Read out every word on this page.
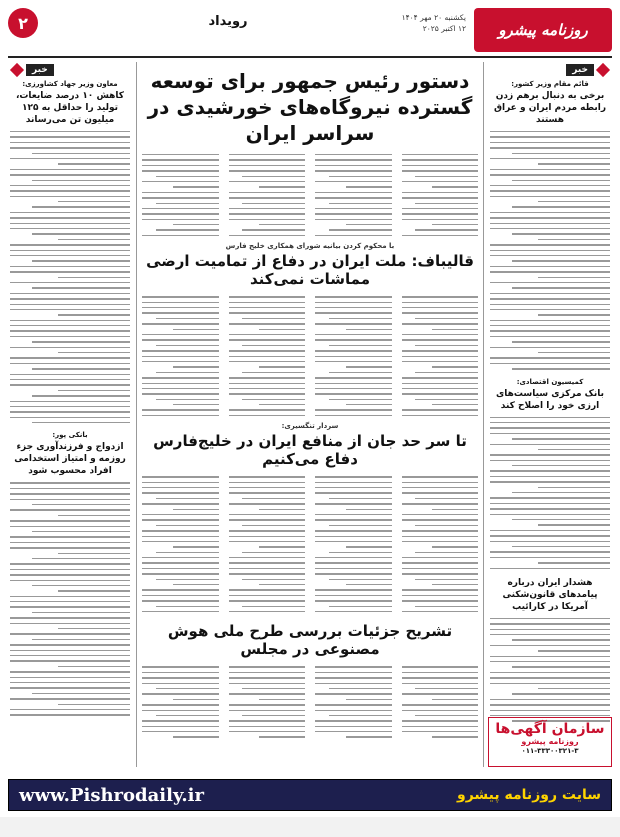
۲	رویداد	یکشنبه ۲۰ مهر ۱۴۰۴
۱۲ اکتبر ۲۰۲۵	روزنامه پیشرو
خبر
خبر
قائم مقام وزیر کشور:
برخی به دنبال برهم زدن رابطه مردم ایران و عراق هستند
کمیسیون اقتصادی:
بانک مرکزی سیاست‌های ارزی خود را اصلاح کند
هشدار ایران درباره پیامدهای قانون‌شکنی آمریکا در کارائیب
معاون وزیر جهاد کشاورزی:
کاهش ۱۰ درصد ضایعات، تولید را حداقل به ۱۲۵ میلیون تن می‌رساند
بانکی پور:
ازدواج و فرزندآوری جزء روزمه و امتیاز استخدامی افراد محسوب شود
دستور رئیس جمهور برای توسعه گسترده نیروگاه‌های خورشیدی در سراسر ایران
با محکوم کردن بیانیه شورای همکاری خلیج فارس
قالیباف: ملت ایران در دفاع از تمامیت ارضی مماشات نمی‌کند
سردار تنگسیری:
تا سر حد جان از منافع ایران در خلیج‌فارس دفاع می‌کنیم
تشریح جزئیات بررسی طرح ملی هوش مصنوعی در مجلس
سازمان آگهی‌ها
روزنامه پیشرو
۰۱۱-۳۳۳۰۰۳۲۱-۳
سایت روزنامه پیشرو
www.Pishrodaily.ir
